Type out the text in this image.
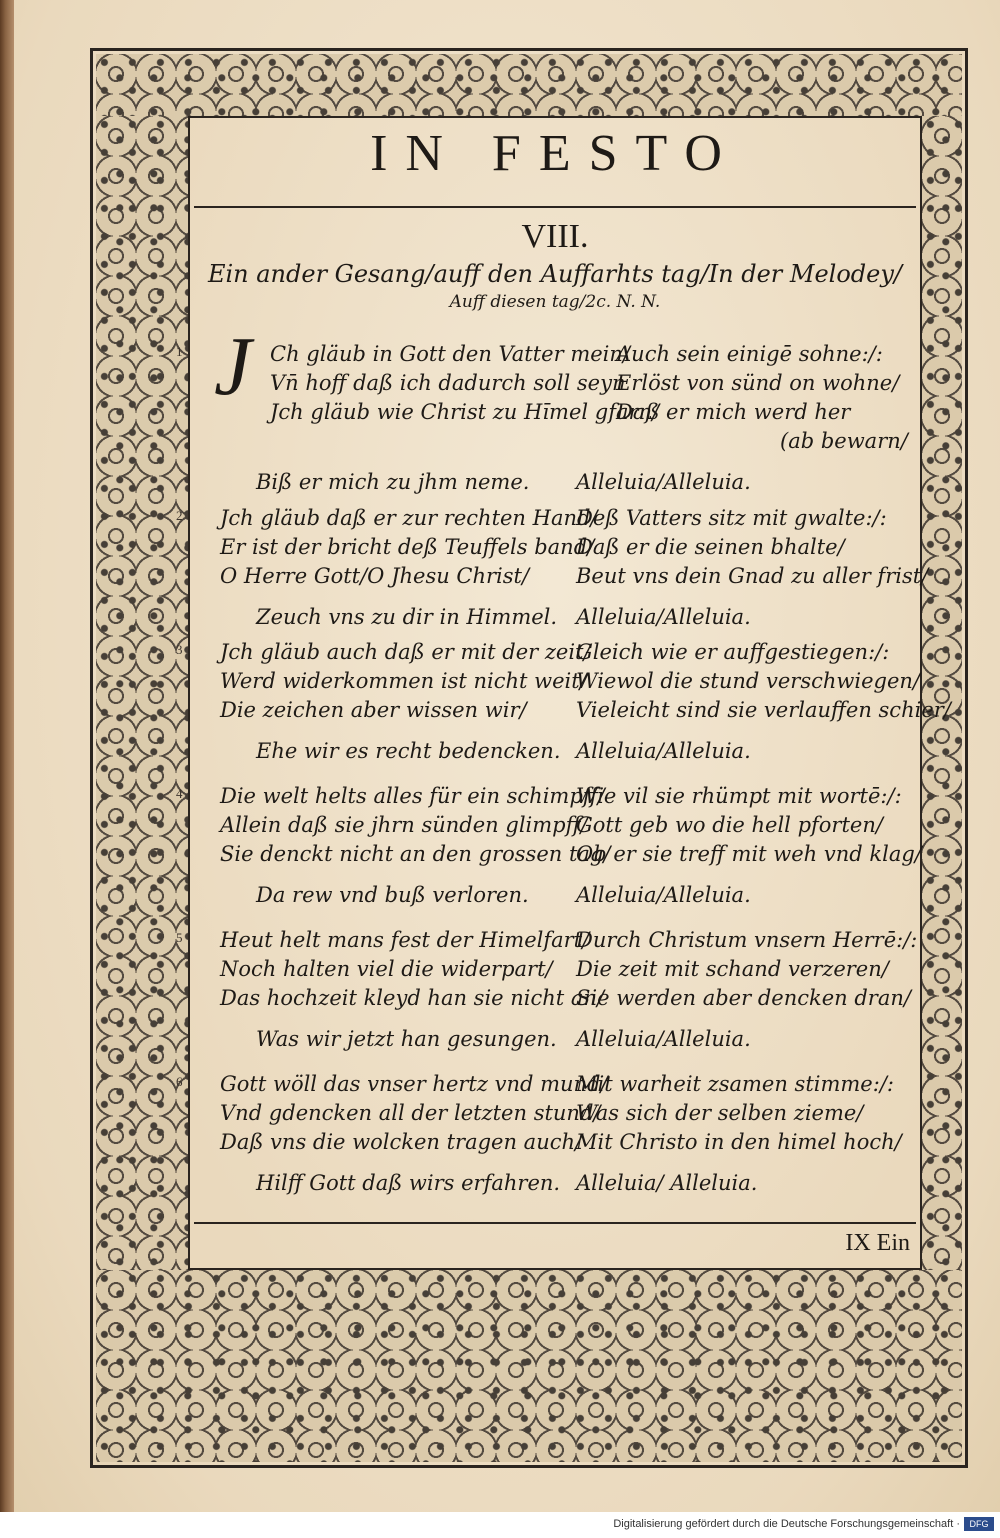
IN FESTO
VIII.
Ein ander Gesang/auff den Auffarhts tag/In der Melodey/
Auff diesen tag/2c. N. N.
J
1	Ch gläub in Gott den Vatter mein/
Auch sein einigē sohne:/:
Vn̄ hoff daß ich dadurch soll seyn
Erlöst von sünd on wohne/
Jch gläub wie Christ zu Hı̄mel gfarn/
Daß er mich werd her
(ab bewarn/
Biß er mich zu jhm neme. Alleluia/Alleluia.
2 Jch gläub daß er zur rechten Hand/
Deß Vatters sitz mit gwalte:/:
Er ist der bricht deß Teuffels band/
Daß er die seinen bhalte/
O Herre Gott/O Jhesu Christ/ Beut vns dein Gnad zu aller frist/
Zeuch vns zu dir in Himmel. Alleluia/Alleluia.
3 Jch gläub auch daß er mit der zeit/
Gleich wie er auffgestiegen:/:
Werd widerkommen ist nicht weit/
Wiewol die stund verschwiegen/
Die zeichen aber wissen wir/ Vieleicht sind sie verlauffen schier/
Ehe wir es recht bedencken. Alleluia/Alleluia.
4 Die welt helts alles für ein schimpff/
Wie vil sie rhümpt mit wortē:/:
Allein daß sie jhrn sünden glimpff/
Gott geb wo die hell pforten/
Sie denckt nicht an den grossen tag/
Ob er sie treff mit weh vnd klag/
Da rew vnd buß verloren. Alleluia/Alleluia.
5 Heut helt mans fest der Himelfart/
Durch Christum vnsern Herrē:/:
Noch halten viel die widerpart/ Die zeit mit schand verzeren/
Das hochzeit kleyd han sie nicht an/
Sie werden aber dencken dran/
Was wir jetzt han gesungen. Alleluia/Alleluia.
6 Gott wöll das vnser hertz vnd mund/
Mit warheit zsamen stimme:/:
Vnd gdencken all der letzten stund/
Was sich der selben zieme/
Daß vns die wolcken tragen auch/
Mit Christo in den himel hoch/
Hilff Gott daß wirs erfahren. Alleluia/ Alleluia.
IX Ein
Digitalisierung gefördert durch die Deutsche Forschungsgemeinschaft ·	DFG
